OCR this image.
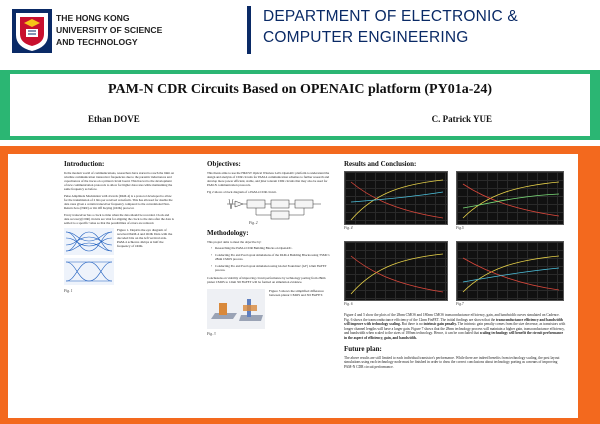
THE HONG KONG
UNIVERSITY OF SCIENCE
AND TECHNOLOGY
DEPARTMENT OF ELECTRONIC &
COMPUTER ENGINEERING
PAM-N CDR Circuits Based on OPENAIC platform (PY01a-24)
Ethan DOVE	C. Patrick YUE
Introduction:

In the modern world of communications, researchers have started to reach the limit on wireline communication transceiver frequencies due to the parasitic inductances and capacitances of the traces on a printed circuit board. This has led to the development of new communication protocols to allow for higher data rates while maintaining the same frequency as before.

Pulse Amplitude Modulation with 4 levels (PAM-4) is a protocol developed to allow for the transmission of 2 bits per received waveform. This has allowed for double the data rates given a certain transceiver frequency compared to the conventional Non-Return Zero (NRZ) or On Off Keying (OOK) protocol.

Every transceiver has a clock to time when the data should be recorded. Clock and data recovery(CDR) circuits are vital for aligning the clock to the data after the data is settled to a specific value so that the possibilities of errors are reduced.

Figure 1. Depicts the eye diagram of received PAM-4 and OOK Data with the decoded bits on the left vertical axis. PAM-4 achieves 4Gbps at half the frequency of OOK.

Fig. 1
Objectives:

This thesis aims to use the HKUST Optical Wireless Lab's OpenAIC platform to understand the design and analysis of CDR circuits for PAM-4 communication schemes to further research and develop more power efficient, stable, and jitter tolerant CDR circuits that may also be used for PAM-N communication protocols.

Fig 2 shows a block diagram of a PAM-4 CDR circuit.

Fig. 2
Methodology:

This project aims to meet the objective by:

• Researching the PAM-4 CDR Building Blocks on OpenAIC.
• Conducting Pre and Post layout simulations of the PAM-4 Building Blocks using TSMC's 28nm CMOS process.
• Conducting Pre and Post layout simulation using Global Foundries' (GF) 12nm FinFET process.

Conclusions on viability of improving circuit performance by technology porting from 28nm planar CMOS to 12nm 3D FinFET will be formed on simulation evidence.

Figure 3 shows the simplified difference between planar CMOS and 3D FinFET.

Fig. 3
Results and Conclusion:
Fig. 4	Fig.5
Fig. 6	Fig.7

Figure 4 and 5 show the plots of the 28nm CMOS and 180nm CMOS transconductance efficiency, gain, and bandwidth curves simulated on Cadence. Fig. 6 shows the transconductance efficiency of the 12nm FinFET. The initial findings are shown that the transconductance efficiency and bandwidth will improve with technology scaling. But there is no intrinsic gain penalty. The intrinsic gain penalty comes from the size decrease, as transistors with longer channel lengths will have a larger gain. Figure 7 shows that the 28nm technology process will maintain a higher gain, transconductance efficiency, and bandwidth when scaled to the sizes of 180nm technology. Hence, it can be concluded that scaling technology will benefit the circuit performance in the aspect of efficiency, gain, and bandwidth.

Future plan:

The above results are still limited to each individual transistor's performance. While there are indeed benefits from technology scaling, the post layout simulations using each technology node must be finished in order to draw the correct conclusions about technology porting as a means of improving PAM-N CDR circuit performance.
